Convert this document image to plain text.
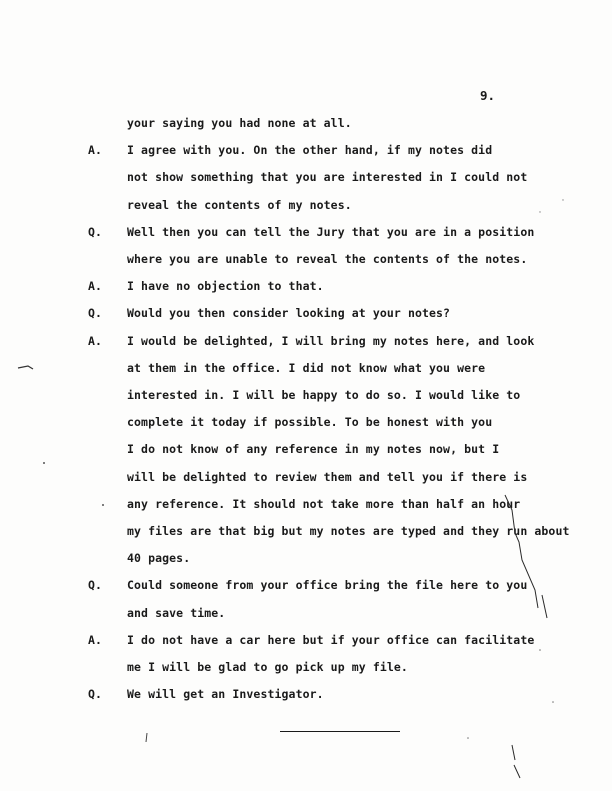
9.
your saying you had none at all.
A. I agree with you. On the other hand, if my notes did
not show something that you are interested in I could not
reveal the contents of my notes.
Q. Well then you can tell the Jury that you are in a position
where you are unable to reveal the contents of the notes.
A. I have no objection to that.
Q. Would you then consider looking at your notes?
A. I would be delighted, I will bring my notes here, and look
at them in the office. I did not know what you were
interested in. I will be happy to do so. I would like to
complete it today if possible. To be honest with you
I do not know of any reference in my notes now, but I
will be delighted to review them and tell you if there is
any reference. It should not take more than half an hour
my files are that big but my notes are typed and they run about
40 pages.
Q. Could someone from your office bring the file here to you
and save time.
A. I do not have a car here but if your office can facilitate
me I will be glad to go pick up my file.
Q. We will get an Investigator.
